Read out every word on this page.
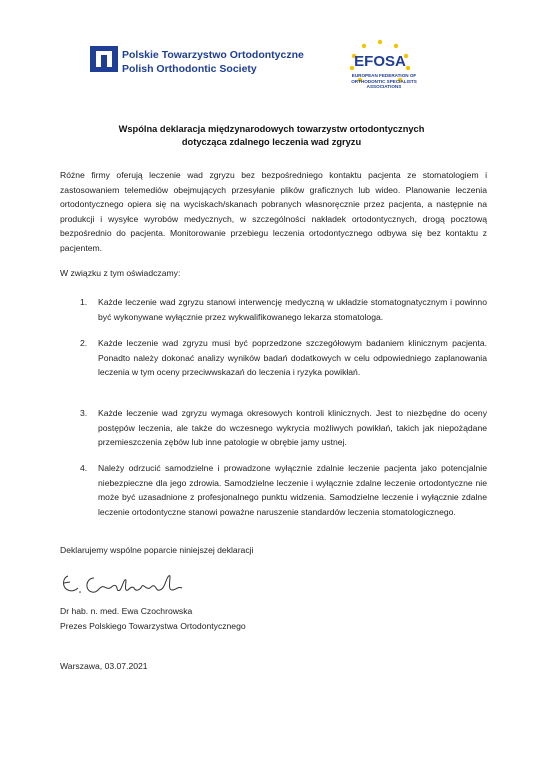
Polskie Towarzystwo Ortodontyczne
Polish Orthodontic Society	EFOSA
EUROPEAN FEDERATION OF
ORTHODONTIC SPECIALISTS ASSOCIATIONS
Wspólna deklaracja międzynarodowych towarzystw ortodontycznych
dotycząca zdalnego leczenia wad zgryzu

Różne firmy oferują leczenie wad zgryzu bez bezpośredniego kontaktu pacjenta ze stomatologiem i zastosowaniem telemediów obejmujących przesyłanie plików graficznych lub wideo. Planowanie leczenia ortodontycznego opiera się na wyciskach/skanach pobranych własnoręcznie przez pacjenta, a następnie na produkcji i wysyłce wyrobów medycznych, w szczególności nakładek ortodontycznych, drogą pocztową bezpośrednio do pacjenta. Monitorowanie przebiegu leczenia ortodontycznego odbywa się bez kontaktu z pacjentem.

W związku z tym oświadczamy:

1. Każde leczenie wad zgryzu stanowi interwencję medyczną w układzie stomatognatycznym i powinno być wykonywane wyłącznie przez wykwalifikowanego lekarza stomatologa.

2. Każde leczenie wad zgryzu musi być poprzedzone szczegółowym badaniem klinicznym pacjenta. Ponadto należy dokonać analizy wyników badań dodatkowych w celu odpowiedniego zaplanowania leczenia w tym oceny przeciwwskazań do leczenia i ryzyka powikłań.

3. Każde leczenie wad zgryzu wymaga okresowych kontroli klinicznych. Jest to niezbędne do oceny postępów leczenia, ale także do wczesnego wykrycia możliwych powikłań, takich jak niepożądane przemieszczenia zębów lub inne patologie w obrębie jamy ustnej.

4. Należy odrzucić samodzielne i prowadzone wyłącznie zdalnie leczenie pacjenta jako potencjalnie niebezpieczne dla jego zdrowia. Samodzielne leczenie i wyłącznie zdalne leczenie ortodontyczne nie może być uzasadnione z profesjonalnego punktu widzenia. Samodzielne leczenie i wyłącznie zdalne leczenie ortodontyczne stanowi poważne naruszenie standardów leczenia stomatologicznego.

Deklarujemy wspólne poparcie niniejszej deklaracji

Dr hab. n. med. Ewa Czochrowska
Prezes Polskiego Towarzystwa Ortodontycznego

Warszawa, 03.07.2021
